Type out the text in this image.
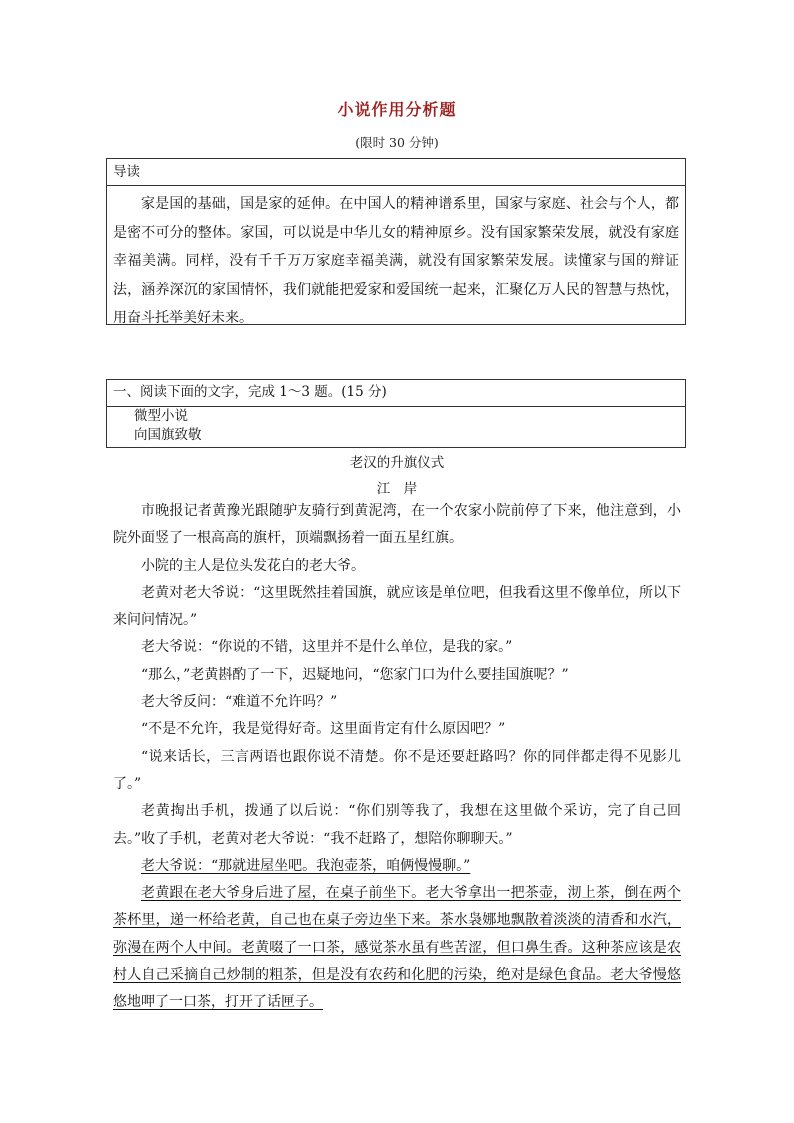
小说作用分析题
(限时 30 分钟)
导读
家是国的基础，国是家的延伸。在中国人的精神谱系里，国家与家庭、社会与个人，都是密不可分的整体。家国，可以说是中华儿女的精神原乡。没有国家繁荣发展，就没有家庭幸福美满。同样，没有千千万万家庭幸福美满，就没有国家繁荣发展。读懂家与国的辩证法，涵养深沉的家国情怀，我们就能把爱家和爱国统一起来，汇聚亿万人民的智慧与热忱，用奋斗托举美好未来。
一、阅读下面的文字，完成 1～3 题。(15 分)
微型小说
向国旗致敬
老汉的升旗仪式
江　岸

市晚报记者黄豫光跟随驴友骑行到黄泥湾，在一个农家小院前停了下来，他注意到，小院外面竖了一根高高的旗杆，顶端飘扬着一面五星红旗。

小院的主人是位头发花白的老大爷。

老黄对老大爷说：“这里既然挂着国旗，就应该是单位吧，但我看这里不像单位，所以下来问问情况。”

老大爷说：“你说的不错，这里并不是什么单位，是我的家。”

“那么，”老黄斟酌了一下，迟疑地问，“您家门口为什么要挂国旗呢？”

老大爷反问：“难道不允许吗？”

“不是不允许，我是觉得好奇。这里面肯定有什么原因吧？”

“说来话长，三言两语也跟你说不清楚。你不是还要赶路吗？你的同伴都走得不见影儿了。”

老黄掏出手机，拨通了以后说：“你们别等我了，我想在这里做个采访，完了自己回去。”收了手机，老黄对老大爷说：“我不赶路了，想陪你聊聊天。”

老大爷说：“那就进屋坐吧。我泡壶茶，咱俩慢慢聊。”

老黄跟在老大爷身后进了屋，在桌子前坐下。老大爷拿出一把茶壶，沏上茶，倒在两个茶杯里，递一杯给老黄，自己也在桌子旁边坐下来。茶水袅娜地飘散着淡淡的清香和水汽，弥漫在两个人中间。老黄啜了一口茶，感觉茶水虽有些苦涩，但口鼻生香。这种茶应该是农村人自己采摘自己炒制的粗茶，但是没有农药和化肥的污染，绝对是绿色食品。老大爷慢悠悠地呷了一口茶，打开了话匣子。
